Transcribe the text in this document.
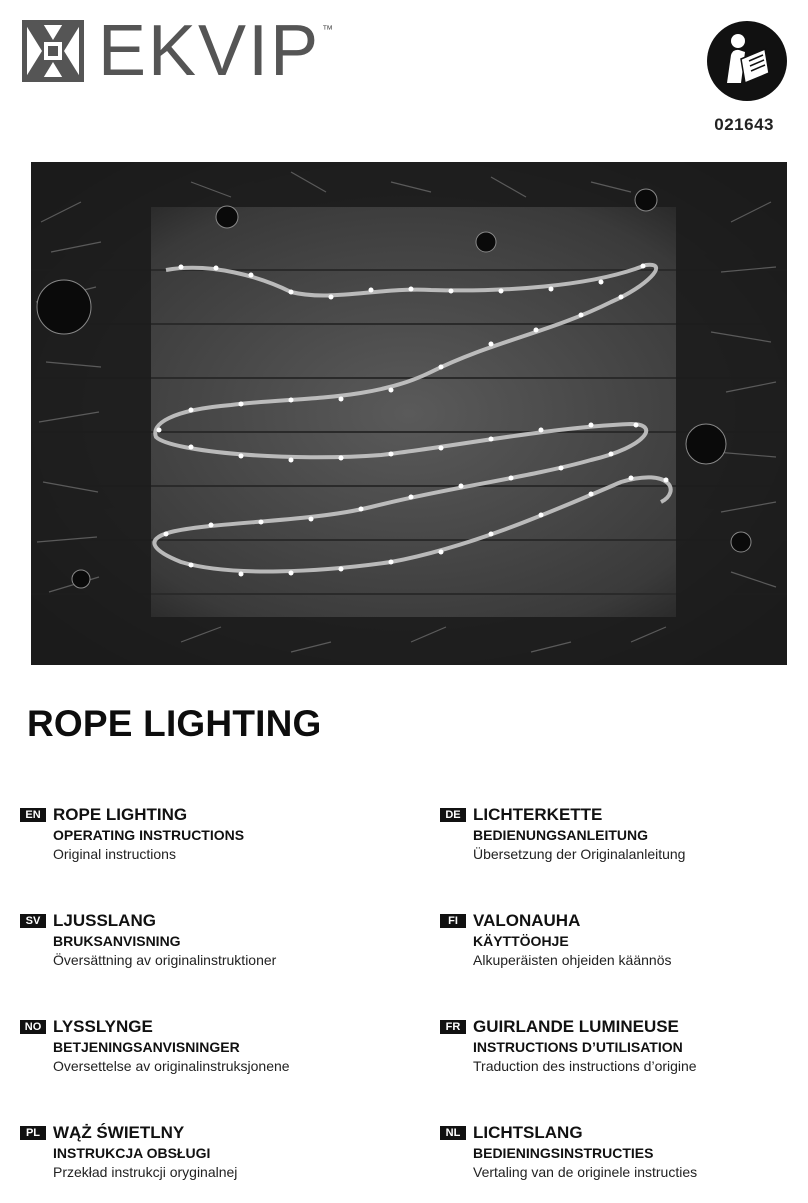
EKVIP ™
021643
ROPE LIGHTING
EN ROPE LIGHTING
OPERATING INSTRUCTIONS
Original instructions
DE LICHTERKETTE
BEDIENUNGSANLEITUNG
Übersetzung der Originalanleitung
SV LJUSSLANG
BRUKSANVISNING
Översättning av originalinstruktioner
FI VALONAUHA
KÄYTTÖOHJE
Alkuperäisten ohjeiden käännös
NO LYSSLYNGE
BETJENINGSANVISNINGER
Oversettelse av originalinstruksjonene
FR GUIRLANDE LUMINEUSE
INSTRUCTIONS D’UTILISATION
Traduction des instructions d’origine
PL WĄŻ ŚWIETLNY
INSTRUKCJA OBSŁUGI
Przekład instrukcji oryginalnej
NL LICHTSLANG
BEDIENINGSINSTRUCTIES
Vertaling van de originele instructies
